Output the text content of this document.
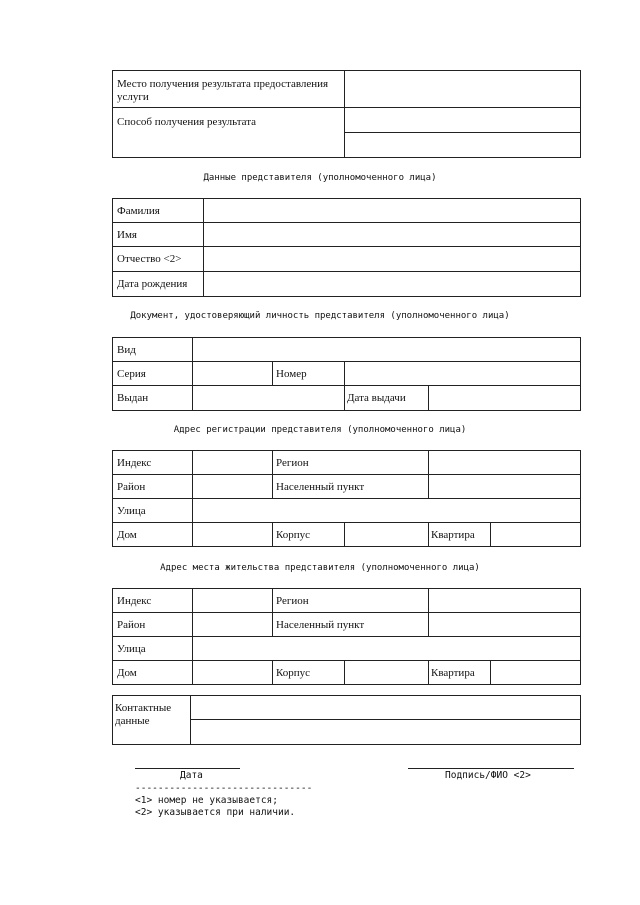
Место получения результата предоставления услуги
Способ получения результата
Данные представителя (уполномоченного лица)
Фамилия
Имя
Отчество <2>
Дата рождения
Документ, удостоверяющий личность представителя (уполномоченного лица)
Вид
Серия	Номер
Выдан	Дата выдачи
Адрес регистрации представителя (уполномоченного лица)
Индекс	Регион
Район	Населенный пункт
Улица
Дом	Корпус	Квартира
Адрес места жительства представителя (уполномоченного лица)
Индекс	Регион
Район	Населенный пункт
Улица
Дом	Корпус	Квартира
Контактные данные
Дата	Подпись/ФИО <2>
-------------------------------
<1> номер не указывается;
<2> указывается при наличии.
